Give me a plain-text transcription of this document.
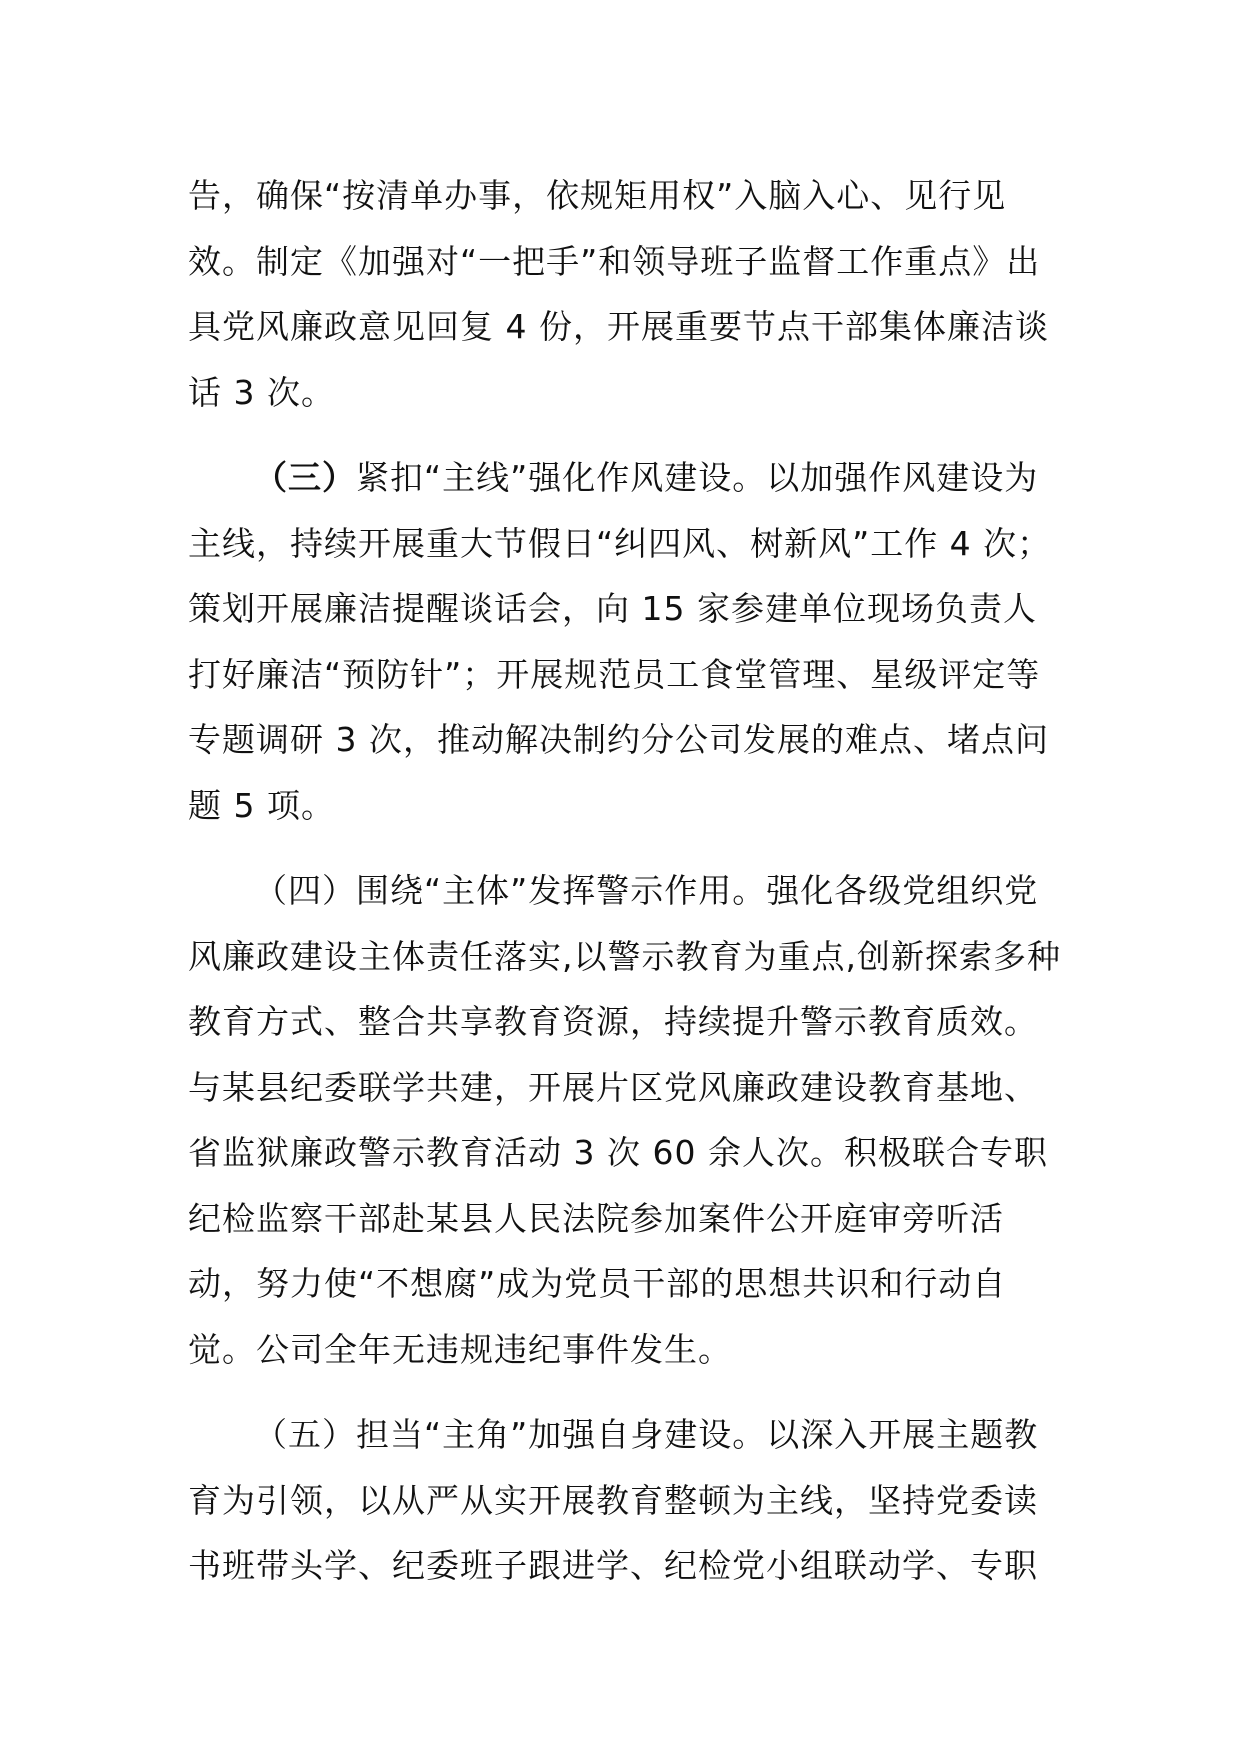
告，确保“按清单办事，依规矩用权”入脑入心、见行见效。制定《加强对“一把手”和领导班子监督工作重点》出具党风廉政意见回复 4 份，开展重要节点干部集体廉洁谈话 3 次。

（三）紧扣“主线”强化作风建设。以加强作风建设为主线，持续开展重大节假日“纠四风、树新风”工作 4 次；策划开展廉洁提醒谈话会，向 15 家参建单位现场负责人打好廉洁“预防针”；开展规范员工食堂管理、星级评定等专题调研 3 次，推动解决制约分公司发展的难点、堵点问题 5 项。

（四）围绕“主体”发挥警示作用。强化各级党组织党风廉政建设主体责任落实,以警示教育为重点,创新探索多种教育方式、整合共享教育资源，持续提升警示教育质效。与某县纪委联学共建，开展片区党风廉政建设教育基地、省监狱廉政警示教育活动 3 次 60 余人次。积极联合专职纪检监察干部赴某县人民法院参加案件公开庭审旁听活动，努力使“不想腐”成为党员干部的思想共识和行动自觉。公司全年无违规违纪事件发生。

（五）担当“主角”加强自身建设。以深入开展主题教育为引领，以从严从实开展教育整顿为主线，坚持党委读书班带头学、纪委班子跟进学、纪检党小组联动学、专职
